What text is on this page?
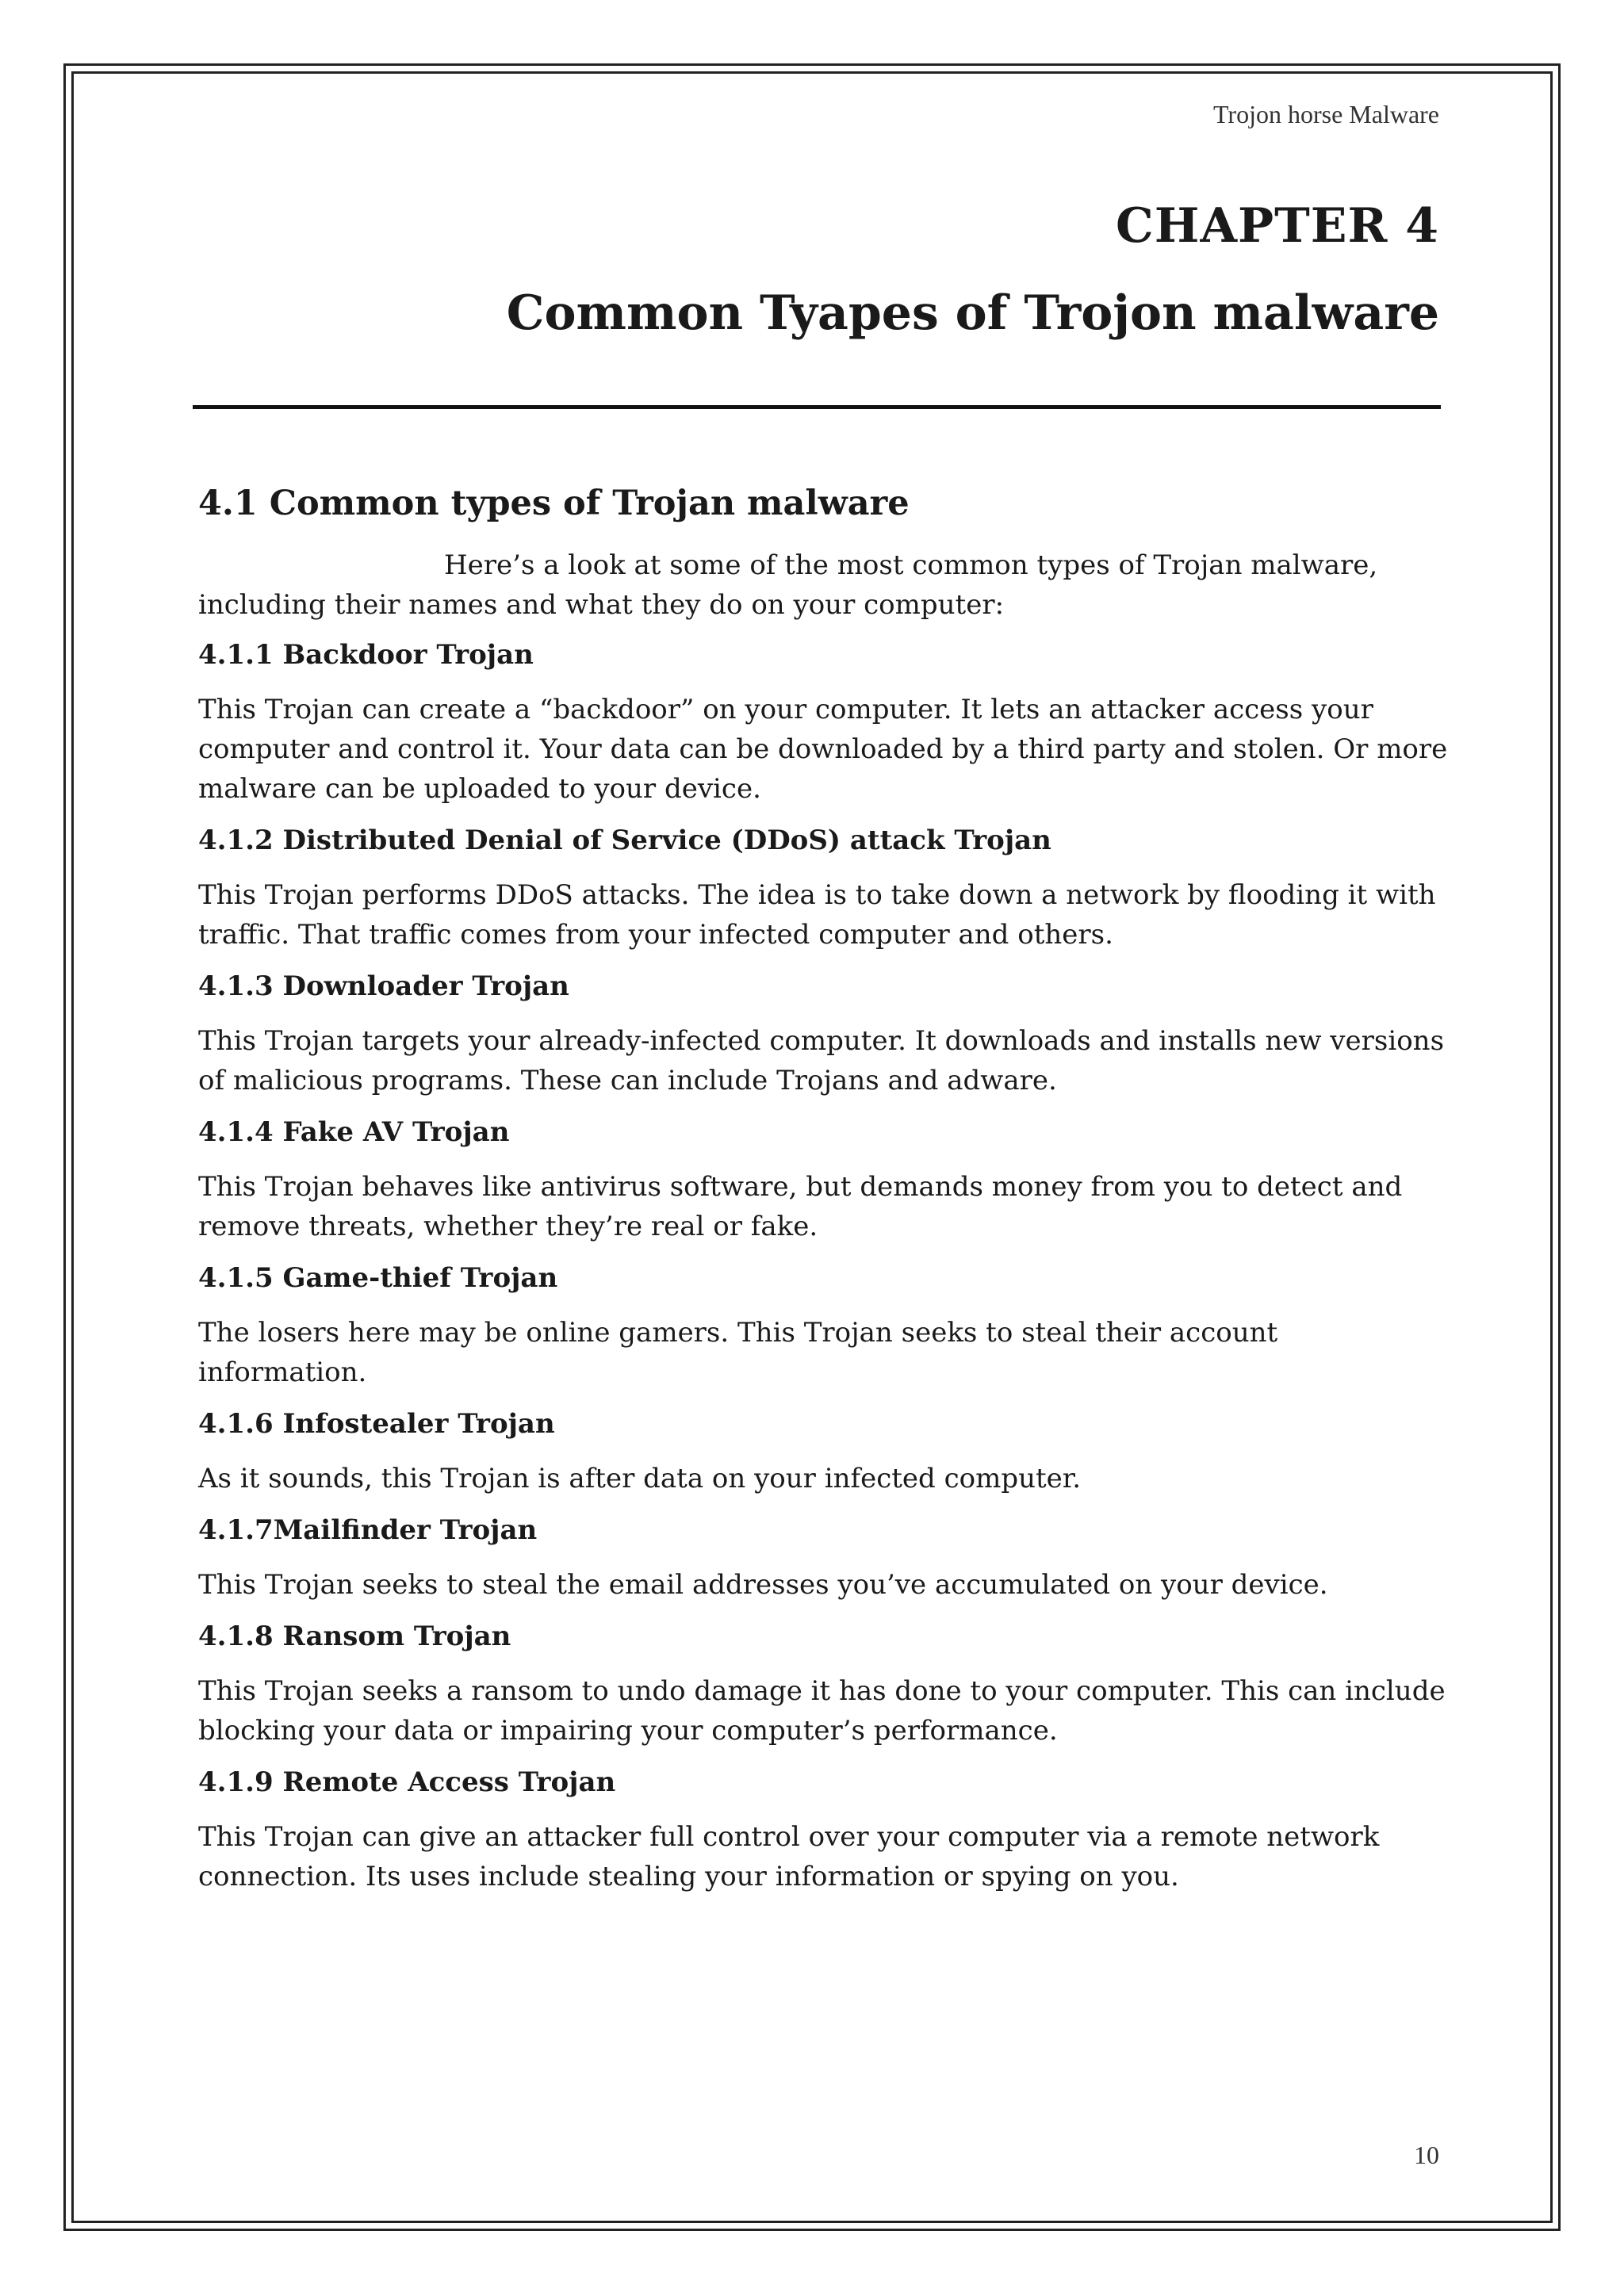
Trojon horse Malware
CHAPTER 4
Common Tyapes of Trojon malware
4.1 Common types of Trojan malware

Here’s a look at some of the most common types of Trojan malware, including their names and what they do on your computer:

4.1.1 Backdoor Trojan

This Trojan can create a “backdoor” on your computer. It lets an attacker access your computer and control it. Your data can be downloaded by a third party and stolen. Or more malware can be uploaded to your device.

4.1.2 Distributed Denial of Service (DDoS) attack Trojan

This Trojan performs DDoS attacks. The idea is to take down a network by flooding it with traffic. That traffic comes from your infected computer and others.

4.1.3 Downloader Trojan

This Trojan targets your already-infected computer. It downloads and installs new versions of malicious programs. These can include Trojans and adware.

4.1.4 Fake AV Trojan

This Trojan behaves like antivirus software, but demands money from you to detect and remove threats, whether they’re real or fake.

4.1.5 Game-thief Trojan

The losers here may be online gamers. This Trojan seeks to steal their account information.

4.1.6 Infostealer Trojan

As it sounds, this Trojan is after data on your infected computer.

4.1.7Mailfinder Trojan

This Trojan seeks to steal the email addresses you’ve accumulated on your device.

4.1.8 Ransom Trojan

This Trojan seeks a ransom to undo damage it has done to your computer. This can include blocking your data or impairing your computer’s performance.

4.1.9 Remote Access Trojan

This Trojan can give an attacker full control over your computer via a remote network connection. Its uses include stealing your information or spying on you.

10
